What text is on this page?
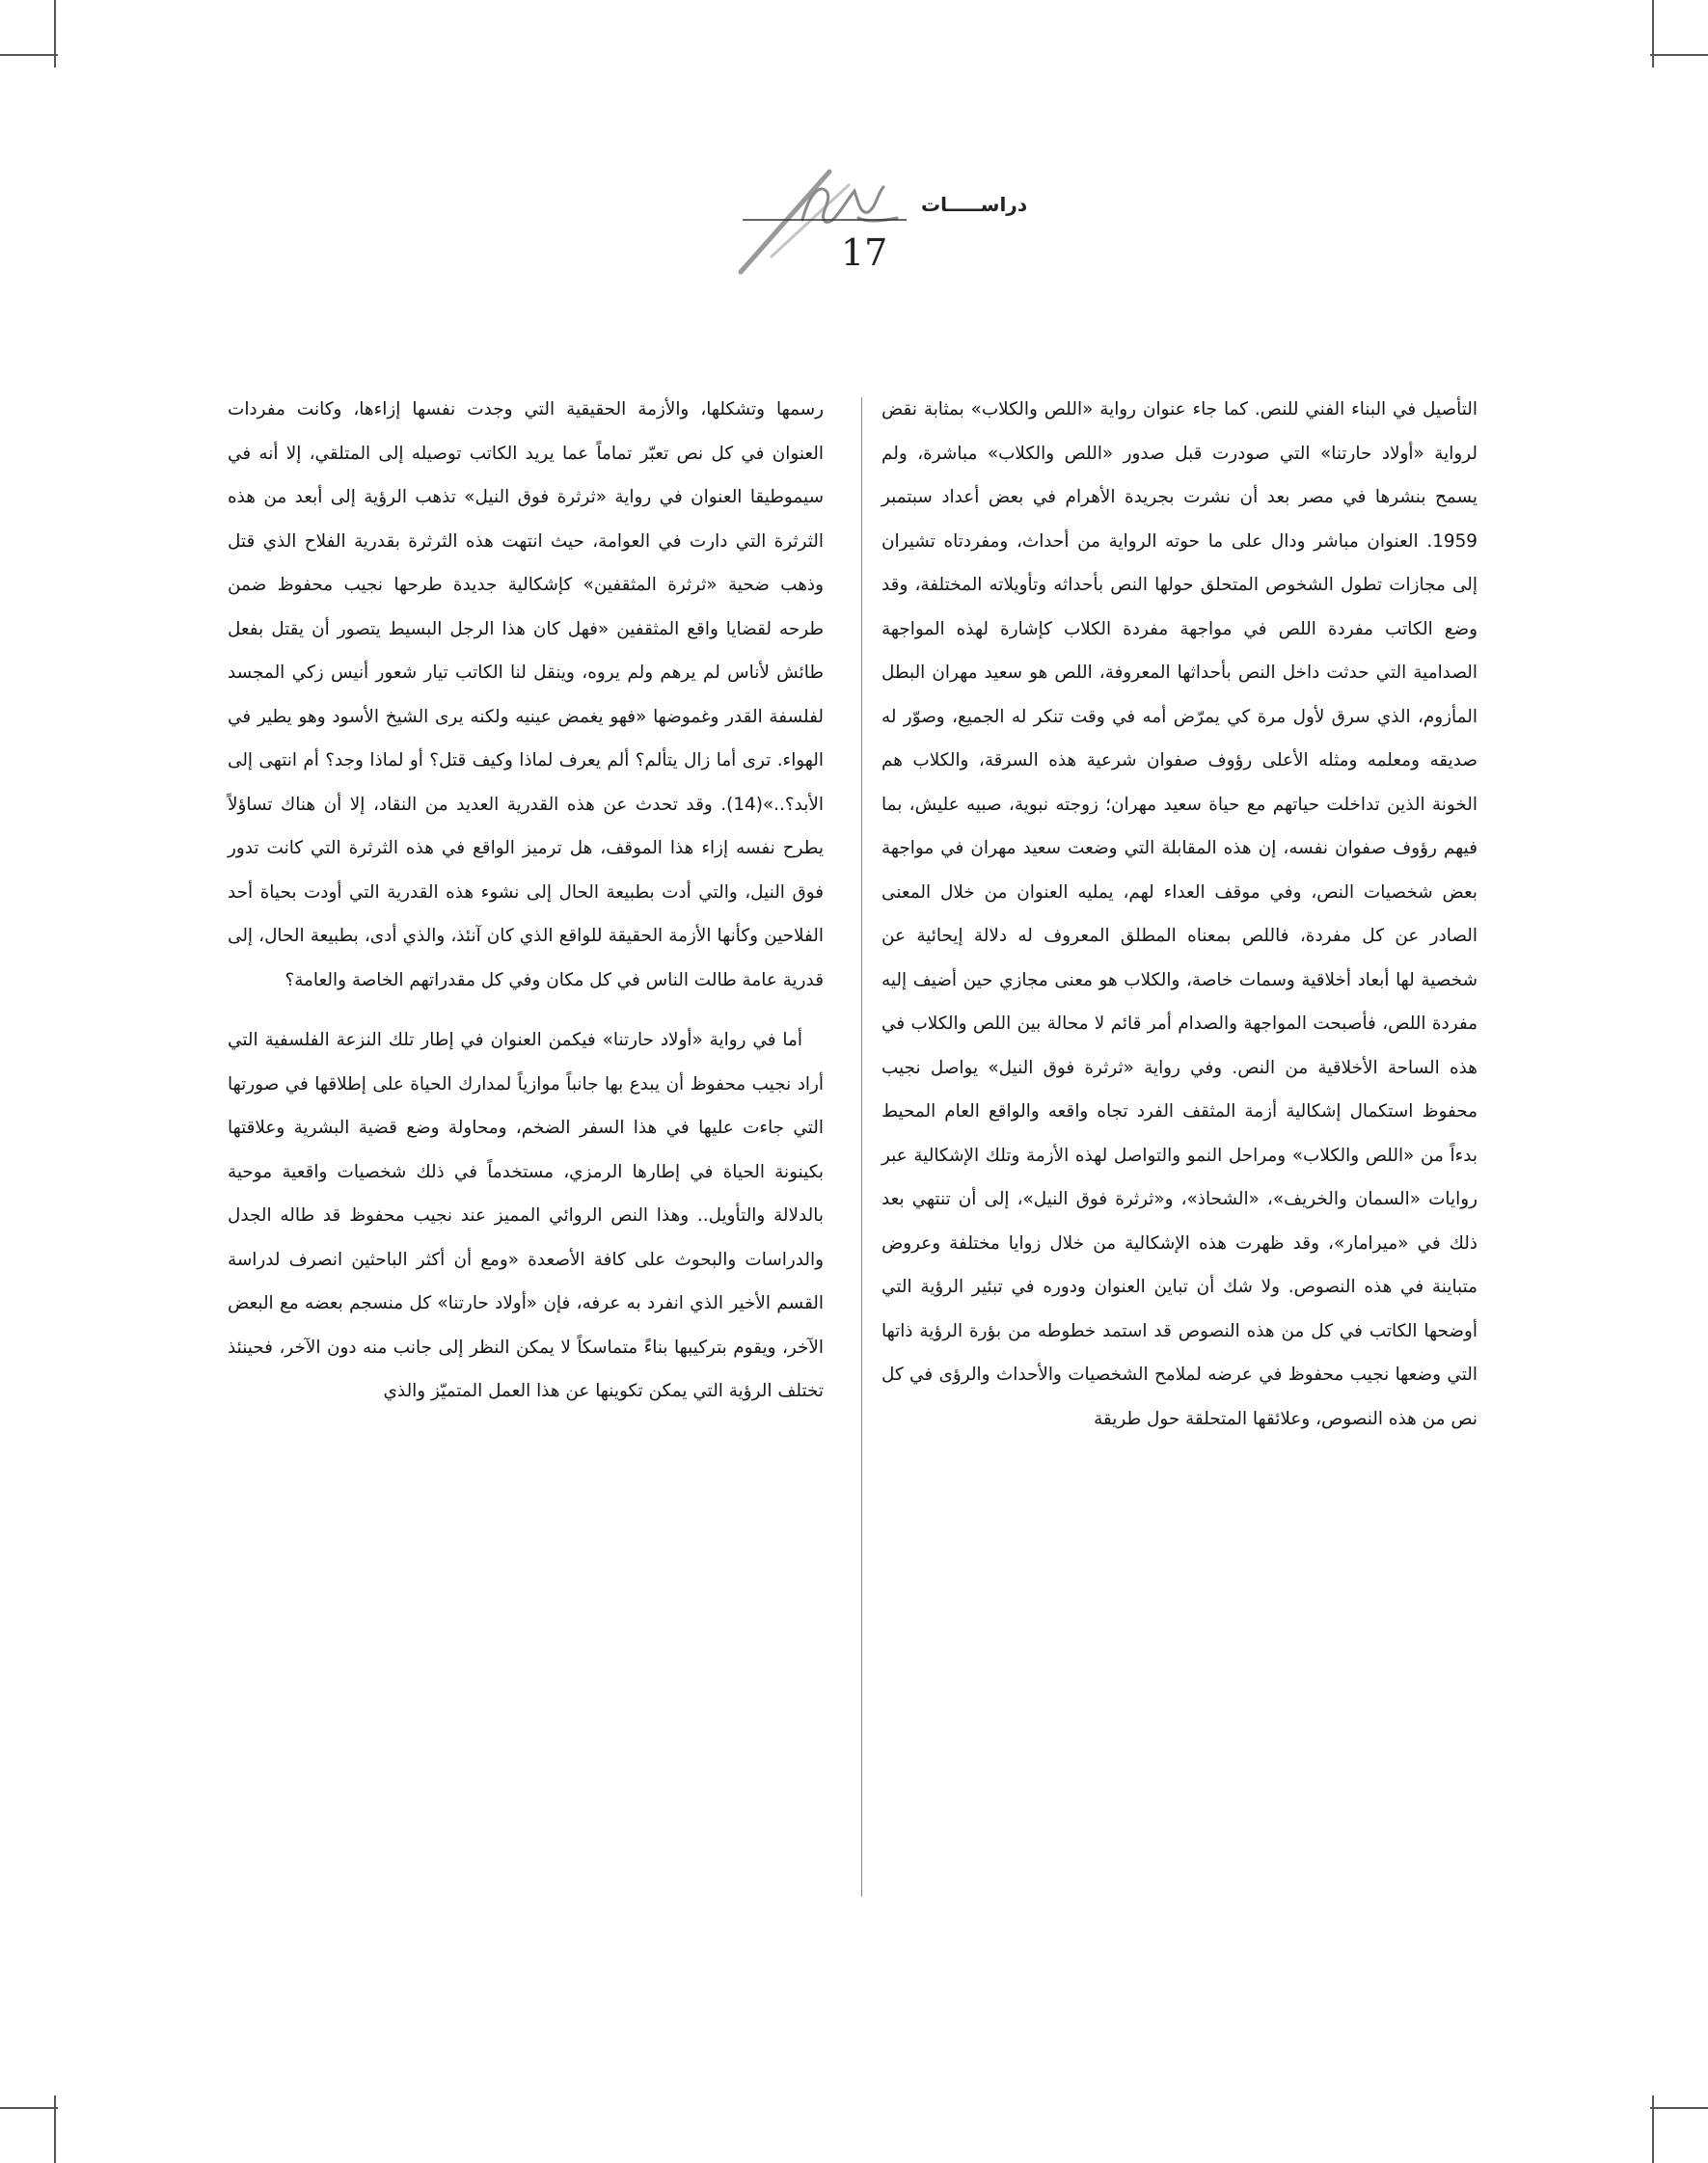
دراســـــات
17

التأصيل في البناء الفني للنص. كما جاء عنوان رواية «اللص والكلاب» بمثابة نقض لرواية «أولاد حارتنا» التي صودرت قبل صدور «اللص والكلاب» مباشرة، ولم يسمح بنشرها في مصر بعد أن نشرت بجريدة الأهرام في بعض أعداد سبتمبر 1959. العنوان مباشر ودال على ما حوته الرواية من أحداث، ومفردتاه تشيران إلى مجازات تطول الشخوص المتحلق حولها النص بأحداثه وتأويلاته المختلفة، وقد وضع الكاتب مفردة اللص في مواجهة مفردة الكلاب كإشارة لهذه المواجهة الصدامية التي حدثت داخل النص بأحداثها المعروفة، اللص هو سعيد مهران البطل المأزوم، الذي سرق لأول مرة كي يمرّض أمه في وقت تنكر له الجميع، وصوّر له صديقه ومعلمه ومثله الأعلى رؤوف صفوان شرعية هذه السرقة، والكلاب هم الخونة الذين تداخلت حياتهم مع حياة سعيد مهران؛ زوجته نبوية، صبيه عليش، بما فيهم رؤوف صفوان نفسه، إن هذه المقابلة التي وضعت سعيد مهران في مواجهة بعض شخصيات النص، وفي موقف العداء لهم، يمليه العنوان من خلال المعنى الصادر عن كل مفردة، فاللص بمعناه المطلق المعروف له دلالة إيحائية عن شخصية لها أبعاد أخلاقية وسمات خاصة، والكلاب هو معنى مجازي حين أضيف إليه مفردة اللص، فأصبحت المواجهة والصدام أمر قائم لا محالة بين اللص والكلاب في هذه الساحة الأخلاقية من النص. وفي رواية «ثرثرة فوق النيل» يواصل نجيب محفوظ استكمال إشكالية أزمة المثقف الفرد تجاه واقعه والواقع العام المحيط بدءاً من «اللص والكلاب» ومراحل النمو والتواصل لهذه الأزمة وتلك الإشكالية عبر روايات «السمان والخريف»، «الشحاذ»، و«ثرثرة فوق النيل»، إلى أن تنتهي بعد ذلك في «ميرامار»، وقد ظهرت هذه الإشكالية من خلال زوايا مختلفة وعروض متباينة في هذه النصوص. ولا شك أن تباين العنوان ودوره في تبئير الرؤية التي أوضحها الكاتب في كل من هذه النصوص قد استمد خطوطه من بؤرة الرؤية ذاتها التي وضعها نجيب محفوظ في عرضه لملامح الشخصيات والأحداث والرؤى في كل نص من هذه النصوص، وعلائقها المتحلقة حول طريقة

رسمها وتشكلها، والأزمة الحقيقية التي وجدت نفسها إزاءها، وكانت مفردات العنوان في كل نص تعبّر تماماً عما يريد الكاتب توصيله إلى المتلقي، إلا أنه في سيموطيقا العنوان في رواية «ثرثرة فوق النيل» تذهب الرؤية إلى أبعد من هذه الثرثرة التي دارت في العوامة، حيث انتهت هذه الثرثرة بقدرية الفلاح الذي قتل وذهب ضحية «ثرثرة المثقفين» كإشكالية جديدة طرحها نجيب محفوظ ضمن طرحه لقضايا واقع المثقفين «فهل كان هذا الرجل البسيط يتصور أن يقتل بفعل طائش لأناس لم يرهم ولم يروه، وينقل لنا الكاتب تيار شعور أنيس زكي المجسد لفلسفة القدر وغموضها «فهو يغمض عينيه ولكنه يرى الشيخ الأسود وهو يطير في الهواء. ترى أما زال يتألم؟ ألم يعرف لماذا وكيف قتل؟ أو لماذا وجد؟ أم انتهى إلى الأبد؟..»(14). وقد تحدث عن هذه القدرية العديد من النقاد، إلا أن هناك تساؤلاً يطرح نفسه إزاء هذا الموقف، هل ترميز الواقع في هذه الثرثرة التي كانت تدور فوق النيل، والتي أدت بطبيعة الحال إلى نشوء هذه القدرية التي أودت بحياة أحد الفلاحين وكأنها الأزمة الحقيقة للواقع الذي كان آنئذ، والذي أدى، بطبيعة الحال، إلى قدرية عامة طالت الناس في كل مكان وفي كل مقدراتهم الخاصة والعامة؟

أما في رواية «أولاد حارتنا» فيكمن العنوان في إطار تلك النزعة الفلسفية التي أراد نجيب محفوظ أن يبدع بها جانباً موازياً لمدارك الحياة على إطلاقها في صورتها التي جاءت عليها في هذا السفر الضخم، ومحاولة وضع قضية البشرية وعلاقتها بكينونة الحياة في إطارها الرمزي، مستخدماً في ذلك شخصيات واقعية موحية بالدلالة والتأويل.. وهذا النص الروائي المميز عند نجيب محفوظ قد طاله الجدل والدراسات والبحوث على كافة الأصعدة «ومع أن أكثر الباحثين انصرف لدراسة القسم الأخير الذي انفرد به عرفه، فإن «أولاد حارتنا» كل منسجم بعضه مع البعض الآخر، ويقوم بتركيبها بناءً متماسكاً لا يمكن النظر إلى جانب منه دون الآخر، فحينئذ تختلف الرؤية التي يمكن تكوينها عن هذا العمل المتميّز والذي
